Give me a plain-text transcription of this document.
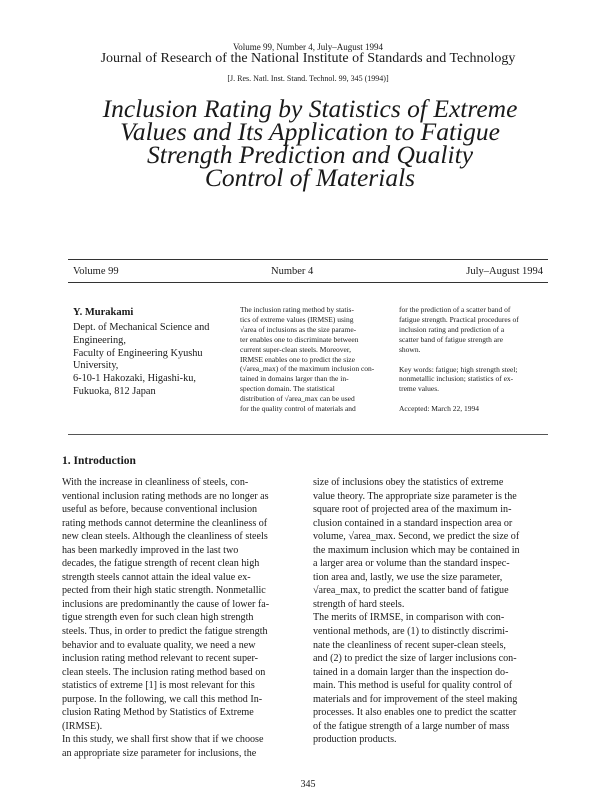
Volume 99, Number 4, July–August 1994
Journal of Research of the National Institute of Standards and Technology
[J. Res. Natl. Inst. Stand. Technol. 99, 345 (1994)]
Inclusion Rating by Statistics of Extreme
Values and Its Application to Fatigue
Strength Prediction and Quality
Control of Materials
Volume 99	Number 4	July–August 1994
Y. Murakami
Dept. of Mechanical Science and
Engineering,
Faculty of Engineering Kyushu
University,
6-10-1 Hakozaki, Higashi-ku,
Fukuoka, 812 Japan
The inclusion rating method by statis-
tics of extreme values (IRMSE) using
√area of inclusions as the size parame-
ter enables one to discriminate between
current super-clean steels. Moreover,
IRMSE enables one to predict the size
(√area_max) of the maximum inclusion con-
tained in domains larger than the in-
spection domain. The statistical
distribution of √area_max can be used
for the quality control of materials and
for the prediction of a scatter band of
fatigue strength. Practical procedures of
inclusion rating and prediction of a
scatter band of fatigue strength are
shown.
Key words: fatigue; high strength steel;
nonmetallic inclusion; statistics of ex-
treme values.
Accepted: March 22, 1994
1. Introduction
With the increase in cleanliness of steels, con-
ventional inclusion rating methods are no longer as
useful as before, because conventional inclusion
rating methods cannot determine the cleanliness of
new clean steels. Although the cleanliness of steels
has been markedly improved in the last two
decades, the fatigue strength of recent clean high
strength steels cannot attain the ideal value ex-
pected from their high static strength. Nonmetallic
inclusions are predominantly the cause of lower fa-
tigue strength even for such clean high strength
steels. Thus, in order to predict the fatigue strength
behavior and to evaluate quality, we need a new
inclusion rating method relevant to recent super-
clean steels. The inclusion rating method based on
statistics of extreme [1] is most relevant for this
purpose. In the following, we call this method In-
clusion Rating Method by Statistics of Extreme
(IRMSE).
In this study, we shall first show that if we choose
an appropriate size parameter for inclusions, the
size of inclusions obey the statistics of extreme
value theory. The appropriate size parameter is the
square root of projected area of the maximum in-
clusion contained in a standard inspection area or
volume, √area_max. Second, we predict the size of
the maximum inclusion which may be contained in
a larger area or volume than the standard inspec-
tion area and, lastly, we use the size parameter,
√area_max, to predict the scatter band of fatigue
strength of hard steels.
The merits of IRMSE, in comparison with con-
ventional methods, are (1) to distinctly discrimi-
nate the cleanliness of recent super-clean steels,
and (2) to predict the size of larger inclusions con-
tained in a domain larger than the inspection do-
main. This method is useful for quality control of
materials and for improvement of the steel making
processes. It also enables one to predict the scatter
of the fatigue strength of a large number of mass
production products.
345
